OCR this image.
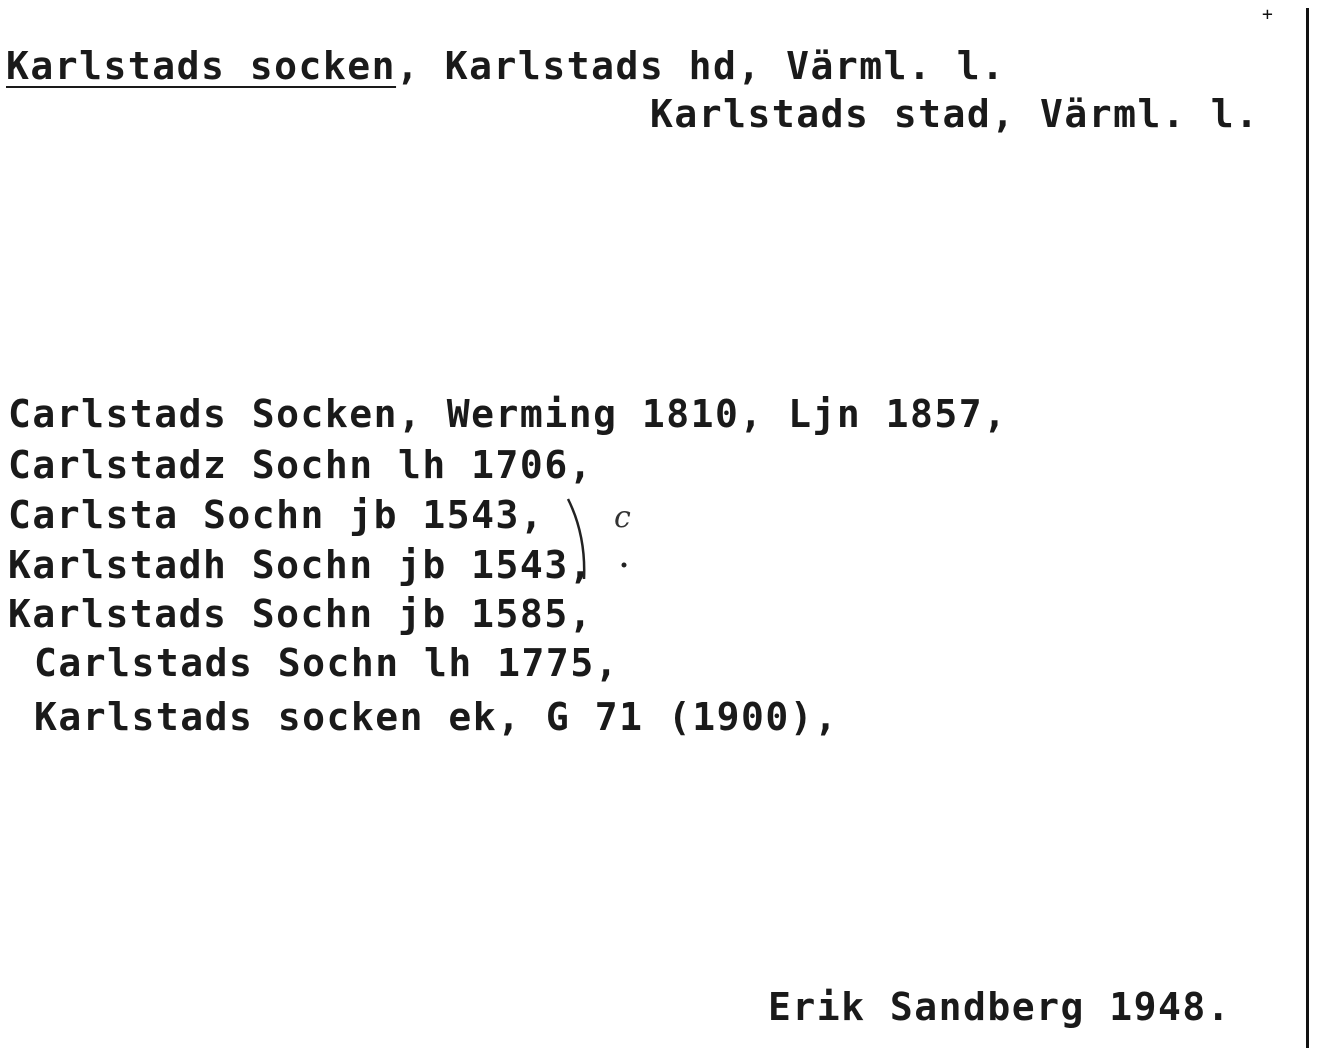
+
Karlstads socken, Karlstads hd, Värml. l.
Karlstads stad, Värml. l.
Carlstads Socken, Werming 1810, Ljn 1857,
Carlstadz Sochn lh 1706,
Carlsta Sochn jb 1543,
Karlstadh Sochn jb 1543,
Karlstads Sochn jb 1585,
Carlstads Sochn lh 1775,
Karlstads socken ek, G 71 (1900),
c
Erik Sandberg 1948.
